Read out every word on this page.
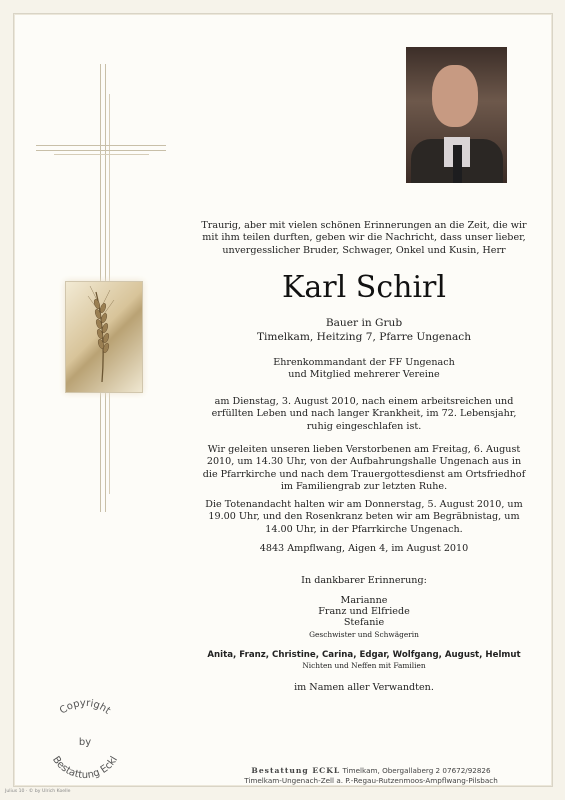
Traurig, aber mit vielen schönen Erinnerungen an die Zeit, die wir mit ihm teilen durften, geben wir die Nachricht, dass unser lieber, unvergesslicher Bruder, Schwager, Onkel und Kusin, Herr
Karl Schirl
Bauer in Grub
Timelkam, Heitzing 7, Pfarre Ungenach
Ehrenkommandant der FF Ungenach
und Mitglied mehrerer Vereine
am Dienstag, 3. August 2010, nach einem arbeitsreichen und erfüllten Leben und nach langer Krankheit, im 72. Lebensjahr, ruhig eingeschlafen ist.
Wir geleiten unseren lieben Verstorbenen am Freitag, 6. August 2010, um 14.30 Uhr, von der Aufbahrungshalle Ungenach aus in die Pfarrkirche und nach dem Trauergottesdienst am Ortsfriedhof im Familiengrab zur letzten Ruhe.
Die Totenandacht halten wir am Donnerstag, 5. August 2010, um 19.00 Uhr, und den Rosenkranz beten wir am Begräbnistag, um 14.00 Uhr, in der Pfarrkirche Ungenach.
4843 Ampflwang, Aigen 4, im August 2010
In dankbarer Erinnerung:
Marianne
Franz und Elfriede
Stefanie
Geschwister und Schwägerin
Anita, Franz, Christine, Carina, Edgar, Wolfgang, August, Helmut
Nichten und Neffen mit Familien
im Namen aller Verwandten.
Copyright
by
Bestattung Eckl
Bestattung ECKL Timelkam, Obergallaberg 2 07672/92826
Timelkam-Ungenach-Zell a. P.-Regau-Rutzenmoos-Ampflwang-Pilsbach
Julius 10 · © by Ulrich Koelle
